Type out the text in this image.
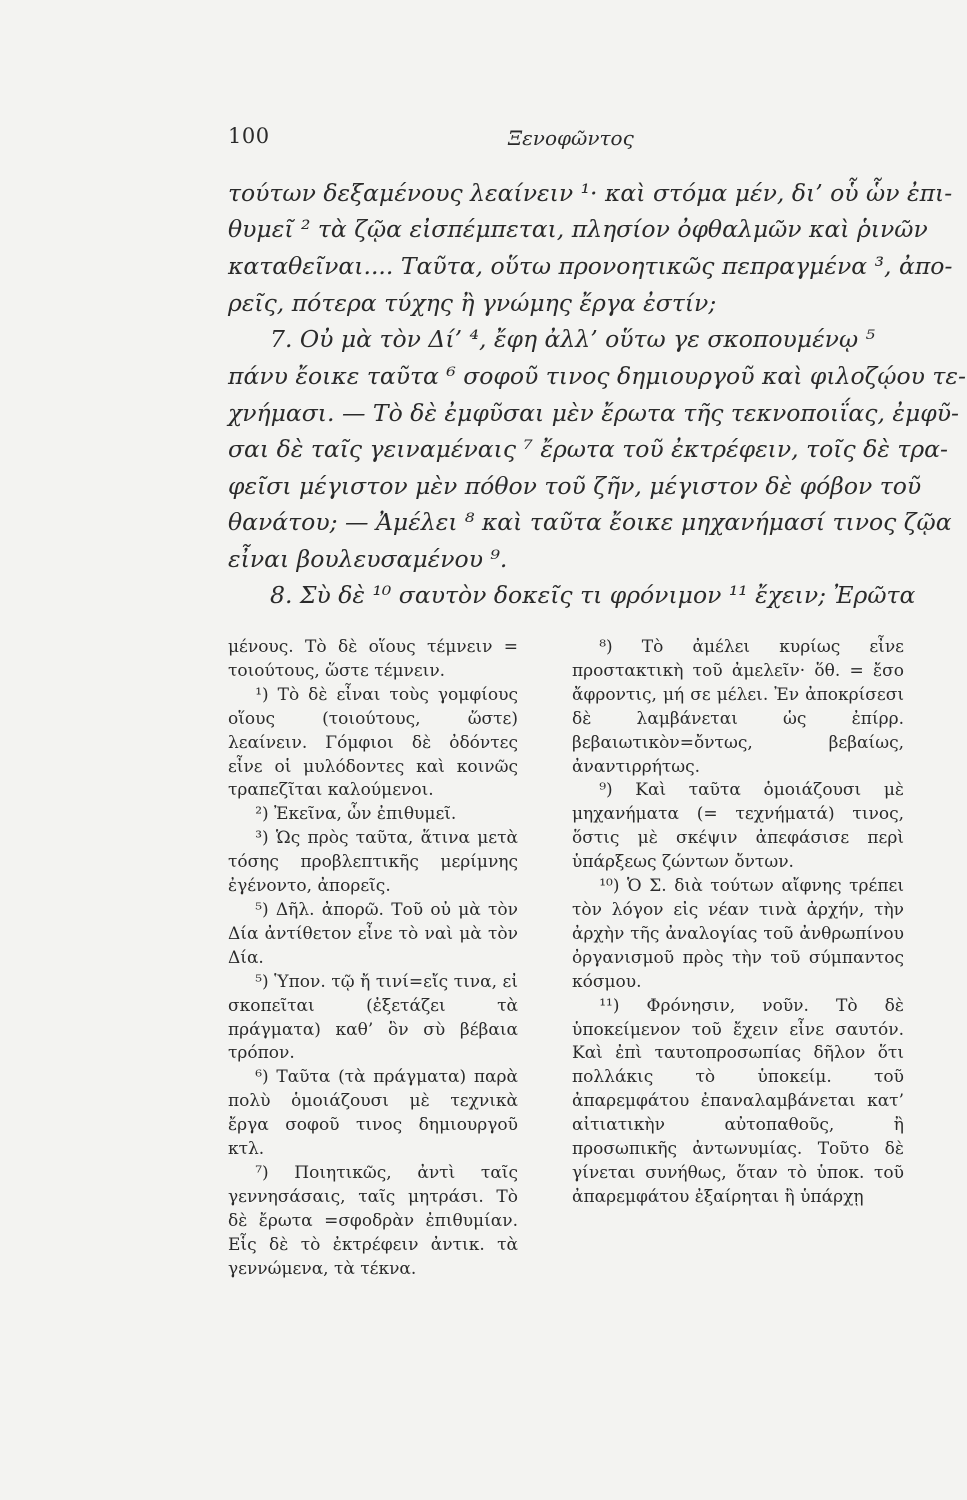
100	Ξενοφῶντος
τούτων δεξαμένους λεαίνειν ¹· καὶ στόμα μέν, δι’ οὗ ὧν ἐπι-
θυμεῖ ² τὰ ζῷα εἰσπέμπεται, πλησίον ὀφθαλμῶν καὶ ῥινῶν
καταθεῖναι.... Ταῦτα, οὕτω προνοητικῶς πεπραγμένα ³, ἀπο-
ρεῖς, πότερα τύχης ἢ γνώμης ἔργα ἐστίν;
7. Οὐ μὰ τὸν Δί’ ⁴, ἔφη ἀλλ’ οὕτω γε σκοπουμένῳ ⁵
πάνυ ἔοικε ταῦτα ⁶ σοφοῦ τινος δημιουργοῦ καὶ φιλοζῴου τε-
χνήμασι. — Τὸ δὲ ἐμφῦσαι μὲν ἔρωτα τῆς τεκνοποιΐας, ἐμφῦ-
σαι δὲ ταῖς γειναμέναις ⁷ ἔρωτα τοῦ ἐκτρέφειν, τοῖς δὲ τρα-
φεῖσι μέγιστον μὲν πόθον τοῦ ζῆν, μέγιστον δὲ φόβον τοῦ
θανάτου; — Ἀμέλει ⁸ καὶ ταῦτα ἔοικε μηχανήμασί τινος ζῷα
εἶναι βουλευσαμένου ⁹.
8. Σὺ δὲ ¹⁰ σαυτὸν δοκεῖς τι φρόνιμον ¹¹ ἔχειν; Ἐρῶτα

μένους. Τὸ δὲ οἵους τέμνειν = τοιούτους, ὥστε τέμνειν.

¹) Τὸ δὲ εἶναι τοὺς γομφίους οἵους (τοιούτους, ὥστε) λεαίνειν. Γόμφιοι δὲ ὀδόντες εἶνε οἱ μυλόδοντες καὶ κοινῶς τραπεζῖται καλούμενοι.

²) Ἐκεῖνα, ὧν ἐπιθυμεῖ.

³) Ὡς πρὸς ταῦτα, ἅτινα μετὰ τόσης προβλεπτικῆς μερίμνης ἐγένοντο, ἀπορεῖς.

⁵) Δῆλ. ἀπορῶ. Τοῦ οὐ μὰ τὸν Δία ἀντίθετον εἶνε τὸ ναὶ μὰ τὸν Δία.

⁵) Ὑπον. τῷ ἤ τινί=εἴς τινα, εἰ σκοπεῖται (ἐξετάζει τὰ πράγματα) καθ’ ὃν σὺ βέβαια τρόπον.

⁶) Ταῦτα (τὰ πράγματα) παρὰ πολὺ ὁμοιάζουσι μὲ τεχνικὰ ἔργα σοφοῦ τινος δημιουργοῦ κτλ.

⁷) Ποιητικῶς, ἀντὶ ταῖς γεννησάσαις, ταῖς μητράσι. Τὸ δὲ ἔρωτα =σφοδρὰν ἐπιθυμίαν. Εἷς δὲ τὸ ἐκτρέφειν ἀντικ. τὰ γεννώμενα, τὰ τέκνα.

⁸) Τὸ ἀμέλει κυρίως εἶνε προστακτικὴ τοῦ ἀμελεῖν· ὅθ. = ἔσο ἄφροντις, μή σε μέλει. Ἐν ἀποκρίσεσι δὲ λαμβάνεται ὡς ἐπίρρ. βεβαιωτικὸν=ὄντως, βεβαίως, ἀναντιρρήτως.

⁹) Καὶ ταῦτα ὁμοιάζουσι μὲ μηχανήματα (= τεχνήματά) τινος, ὅστις μὲ σκέψιν ἀπεφάσισε περὶ ὑπάρξεως ζώντων ὄντων.

¹⁰) Ὁ Σ. διὰ τούτων αἴφνης τρέπει τὸν λόγον εἰς νέαν τινὰ ἀρχήν, τὴν ἀρχὴν τῆς ἀναλογίας τοῦ ἀνθρωπίνου ὀργανισμοῦ πρὸς τὴν τοῦ σύμπαντος κόσμου.

¹¹) Φρόνησιν, νοῦν. Τὸ δὲ ὑποκείμενον τοῦ ἔχειν εἶνε σαυτόν. Καὶ ἐπὶ ταυτοπροσωπίας δῆλον ὅτι πολλάκις τὸ ὑποκείμ. τοῦ ἀπαρεμφάτου ἐπαναλαμβάνεται κατ’ αἰτιατικὴν αὐτοπαθοῦς, ἢ προσωπικῆς ἀντωνυμίας. Τοῦτο δὲ γίνεται συνήθως, ὅταν τὸ ὑποκ. τοῦ ἀπαρεμφάτου ἐξαίρηται ἢ ὑπάρχῃ
